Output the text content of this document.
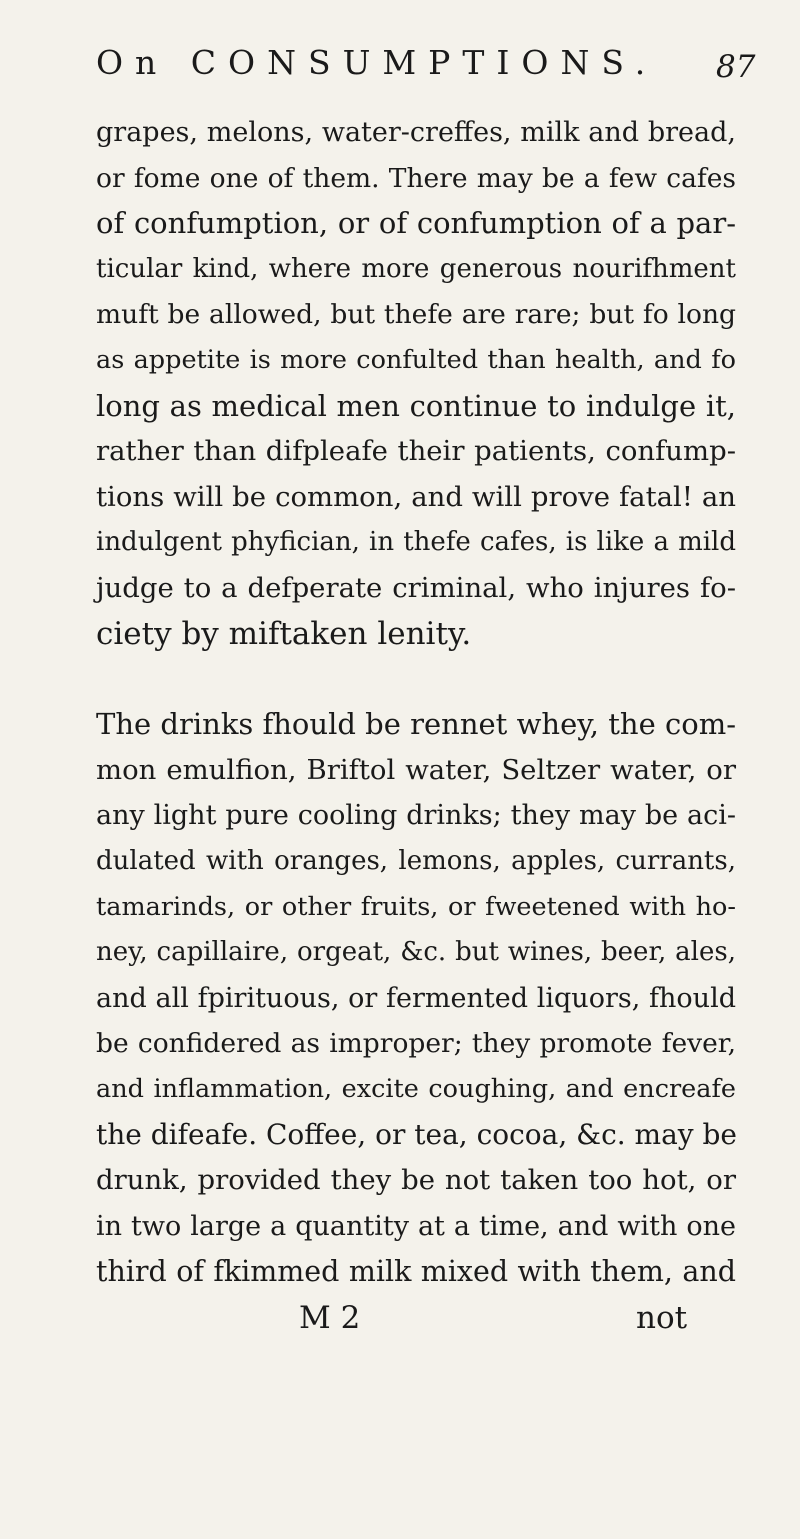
On CONSUMPTIONS. 87
grapes, melons, water-creffes, milk and bread,
or fome one of them. There may be a few cafes
of confumption, or of confumption of a par-
ticular kind, where more generous nourifhment
muft be allowed, but thefe are rare; but fo long
as appetite is more confulted than health, and fo
long as medical men continue to indulge it,
rather than difpleafe their patients, confump-
tions will be common, and will prove fatal! an
indulgent phyfician, in thefe cafes, is like a mild
judge to a defperate criminal, who injures fo-
ciety by miftaken lenity.
The drinks fhould be rennet whey, the com-
mon emulfion, Briftol water, Seltzer water, or
any light pure cooling drinks; they may be aci-
dulated with oranges, lemons, apples, currants,
tamarinds, or other fruits, or fweetened with ho-
ney, capillaire, orgeat, &c. but wines, beer, ales,
and all fpirituous, or fermented liquors, fhould
be confidered as improper; they promote fever,
and inflammation, excite coughing, and encreafe
the difeafe. Coffee, or tea, cocoa, &c. may be
drunk, provided they be not taken too hot, or
in two large a quantity at a time, and with one
third of fkimmed milk mixed with them, and
M 2	not
